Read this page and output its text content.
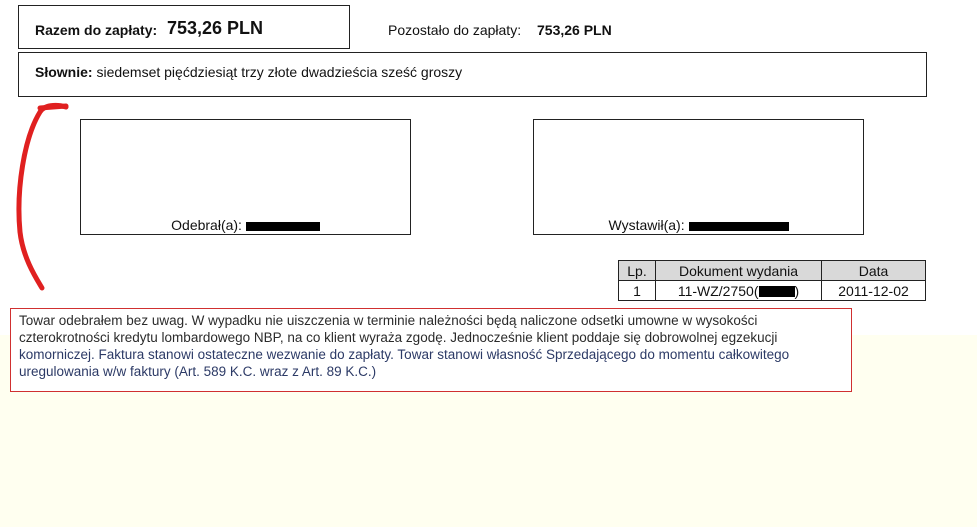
Razem do zapłaty: 753,26 PLN	Pozostało do zapłaty: 753,26 PLN
Słownie: siedemset pięćdziesiąt trzy złote dwadzieścia sześć groszy
Odebrał(a):	Wystawił(a):
Lp.	Dokument wydania	Data
1	11-WZ/2750( )	2011-12-02
Towar odebrałem bez uwag. W wypadku nie uiszczenia w terminie należności będą naliczone odsetki umowne w wysokości
czterokrotności kredytu lombardowego NBP, na co klient wyraża zgodę. Jednocześnie klient poddaje się dobrowolnej egzekucji
komorniczej. Faktura stanowi ostateczne wezwanie do zapłaty. Towar stanowi własność Sprzedającego do momentu całkowitego
uregulowania w/w faktury (Art. 589 K.C. wraz z Art. 89 K.C.)
